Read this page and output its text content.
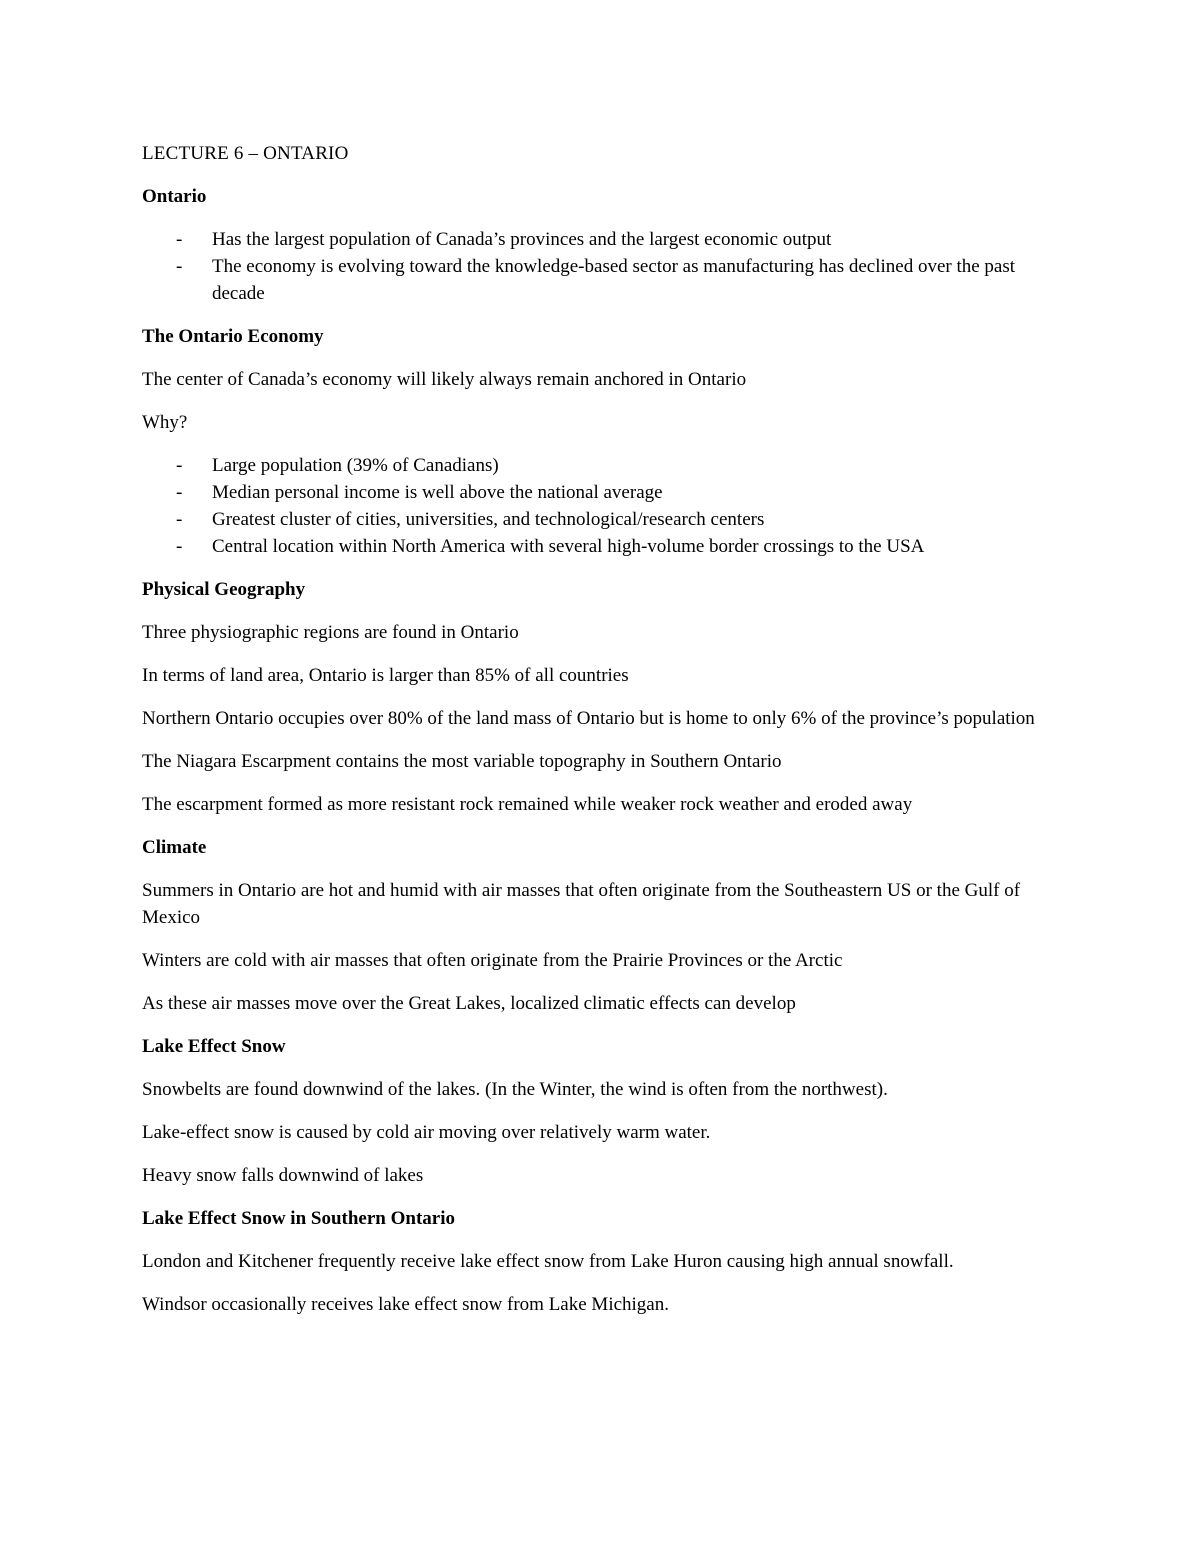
LECTURE 6 – ONTARIO
Ontario
- Has the largest population of Canada’s provinces and the largest economic output
- The economy is evolving toward the knowledge-based sector as manufacturing has declined over the past decade
The Ontario Economy
The center of Canada’s economy will likely always remain anchored in Ontario
Why?
- Large population (39% of Canadians)
- Median personal income is well above the national average
- Greatest cluster of cities, universities, and technological/research centers
- Central location within North America with several high-volume border crossings to the USA
Physical Geography
Three physiographic regions are found in Ontario
In terms of land area, Ontario is larger than 85% of all countries
Northern Ontario occupies over 80% of the land mass of Ontario but is home to only 6% of the province’s population
The Niagara Escarpment contains the most variable topography in Southern Ontario
The escarpment formed as more resistant rock remained while weaker rock weather and eroded away
Climate
Summers in Ontario are hot and humid with air masses that often originate from the Southeastern US or the Gulf of Mexico
Winters are cold with air masses that often originate from the Prairie Provinces or the Arctic
As these air masses move over the Great Lakes, localized climatic effects can develop
Lake Effect Snow
Snowbelts are found downwind of the lakes. (In the Winter, the wind is often from the northwest).
Lake-effect snow is caused by cold air moving over relatively warm water.
Heavy snow falls downwind of lakes
Lake Effect Snow in Southern Ontario
London and Kitchener frequently receive lake effect snow from Lake Huron causing high annual snowfall.
Windsor occasionally receives lake effect snow from Lake Michigan.
